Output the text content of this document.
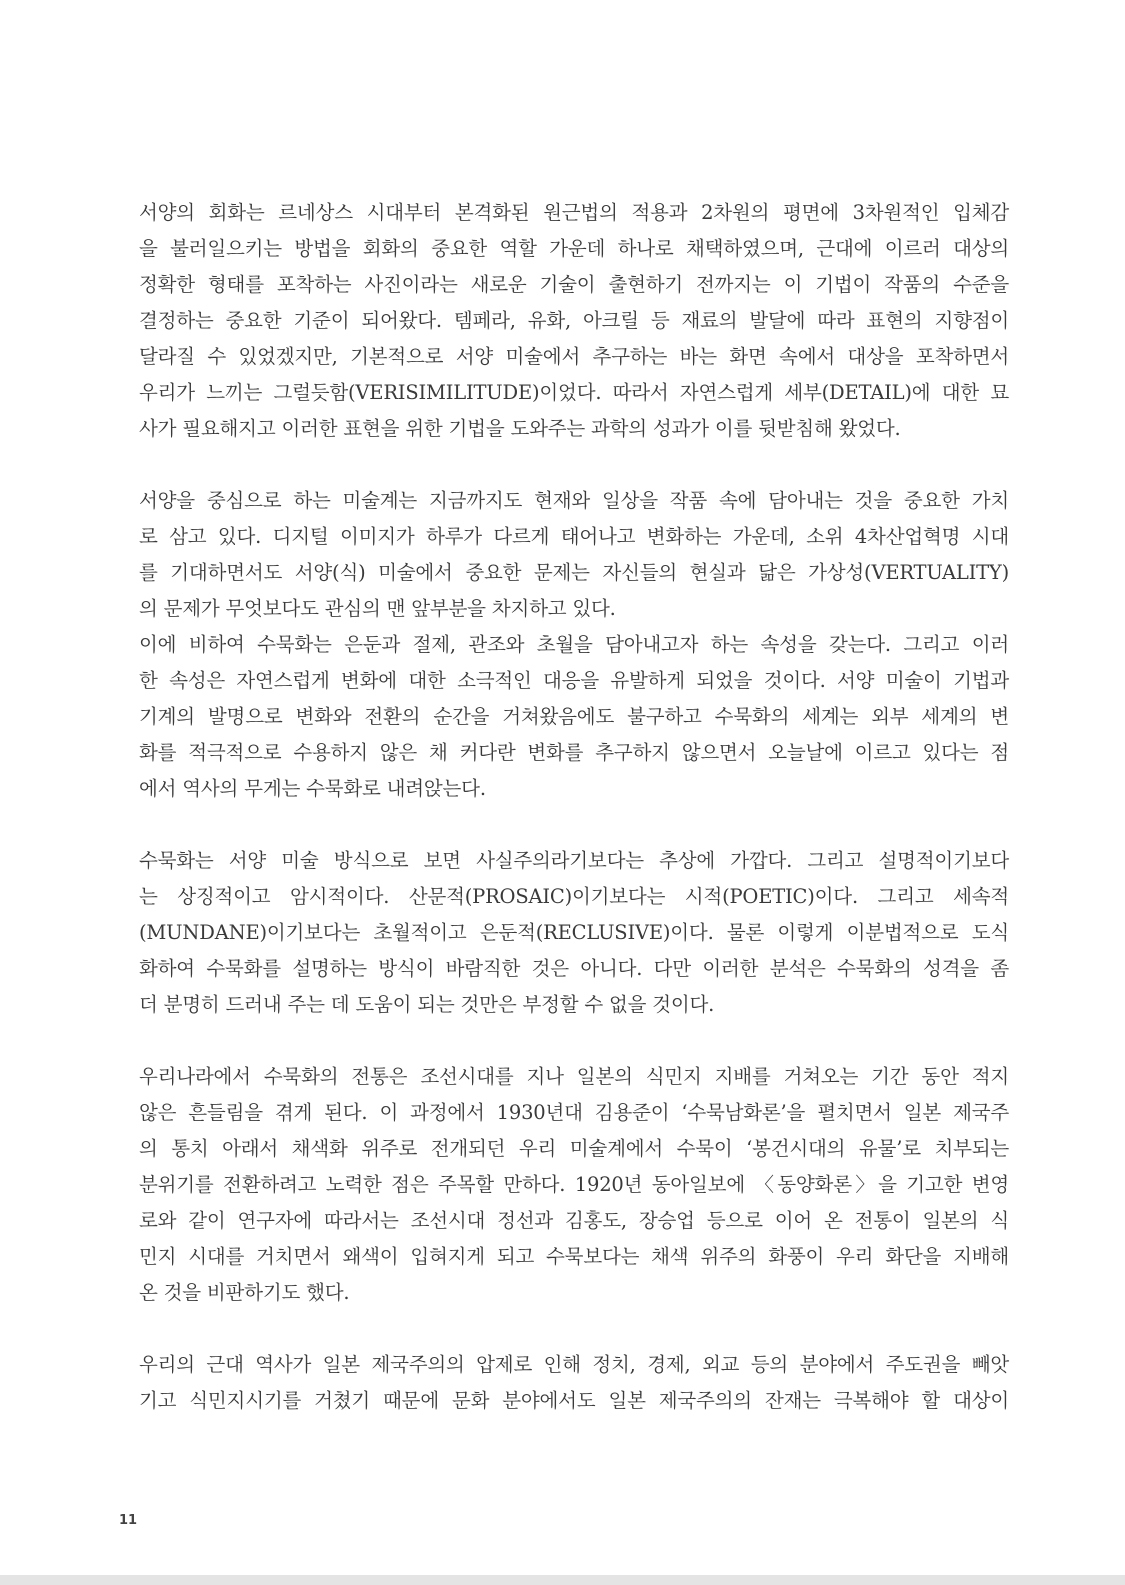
서양의 회화는 르네상스 시대부터 본격화된 원근법의 적용과 2차원의 평면에 3차원적인 입체감
을 불러일으키는 방법을 회화의 중요한 역할 가운데 하나로 채택하였으며, 근대에 이르러 대상의
정확한 형태를 포착하는 사진이라는 새로운 기술이 출현하기 전까지는 이 기법이 작품의 수준을
결정하는 중요한 기준이 되어왔다. 템페라, 유화, 아크릴 등 재료의 발달에 따라 표현의 지향점이
달라질 수 있었겠지만, 기본적으로 서양 미술에서 추구하는 바는 화면 속에서 대상을 포착하면서
우리가 느끼는 그럴듯함(VERISIMILITUDE)이었다. 따라서 자연스럽게 세부(DETAIL)에 대한 묘
사가 필요해지고 이러한 표현을 위한 기법을 도와주는 과학의 성과가 이를 뒷받침해 왔었다.
서양을 중심으로 하는 미술계는 지금까지도 현재와 일상을 작품 속에 담아내는 것을 중요한 가치
로 삼고 있다. 디지털 이미지가 하루가 다르게 태어나고 변화하는 가운데, 소위 4차산업혁명 시대
를 기대하면서도 서양(식) 미술에서 중요한 문제는 자신들의 현실과 닮은 가상성(VERTUALITY)
의 문제가 무엇보다도 관심의 맨 앞부분을 차지하고 있다.
이에 비하여 수묵화는 은둔과 절제, 관조와 초월을 담아내고자 하는 속성을 갖는다. 그리고 이러
한 속성은 자연스럽게 변화에 대한 소극적인 대응을 유발하게 되었을 것이다. 서양 미술이 기법과
기계의 발명으로 변화와 전환의 순간을 거쳐왔음에도 불구하고 수묵화의 세계는 외부 세계의 변
화를 적극적으로 수용하지 않은 채 커다란 변화를 추구하지 않으면서 오늘날에 이르고 있다는 점
에서 역사의 무게는 수묵화로 내려앉는다.
수묵화는 서양 미술 방식으로 보면 사실주의라기보다는 추상에 가깝다. 그리고 설명적이기보다
는 상징적이고 암시적이다. 산문적(PROSAIC)이기보다는 시적(POETIC)이다. 그리고 세속적
(MUNDANE)이기보다는 초월적이고 은둔적(RECLUSIVE)이다. 물론 이렇게 이분법적으로 도식
화하여 수묵화를 설명하는 방식이 바람직한 것은 아니다. 다만 이러한 분석은 수묵화의 성격을 좀
더 분명히 드러내 주는 데 도움이 되는 것만은 부정할 수 없을 것이다.
우리나라에서 수묵화의 전통은 조선시대를 지나 일본의 식민지 지배를 거쳐오는 기간 동안 적지
않은 흔들림을 겪게 된다. 이 과정에서 1930년대 김용준이 ‘수묵남화론’을 펼치면서 일본 제국주
의 통치 아래서 채색화 위주로 전개되던 우리 미술계에서 수묵이 ‘봉건시대의 유물’로 치부되는
분위기를 전환하려고 노력한 점은 주목할 만하다. 1920년 동아일보에 〈동양화론〉을 기고한 변영
로와 같이 연구자에 따라서는 조선시대 정선과 김홍도, 장승업 등으로 이어 온 전통이 일본의 식
민지 시대를 거치면서 왜색이 입혀지게 되고 수묵보다는 채색 위주의 화풍이 우리 화단을 지배해
온 것을 비판하기도 했다.
우리의 근대 역사가 일본 제국주의의 압제로 인해 정치, 경제, 외교 등의 분야에서 주도권을 빼앗
기고 식민지시기를 거쳤기 때문에 문화 분야에서도 일본 제국주의의 잔재는 극복해야 할 대상이
11
